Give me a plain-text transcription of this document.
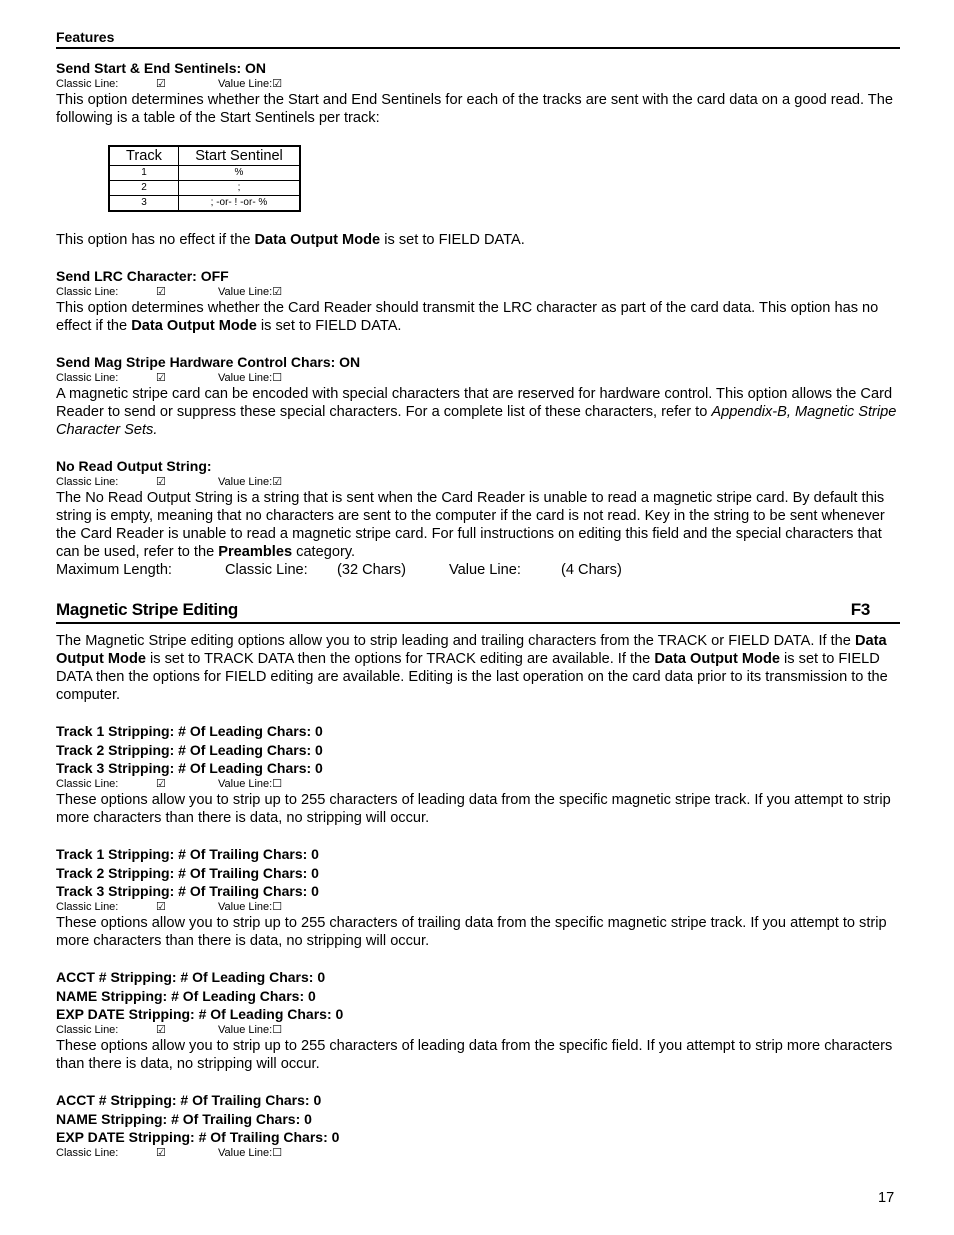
Features
Send Start & End Sentinels: ON
Classic Line:	☑	Value Line:☑
This option determines whether the Start and End Sentinels for each of the tracks are sent with the card data on a good read. The following is a table of the Start Sentinels per track:
Track	Start Sentinel
1	%
2	;
3	; -or- ! -or- %
This option has no effect if the Data Output Mode is set to FIELD DATA.
Send LRC Character: OFF
Classic Line:	☑	Value Line:☑
This option determines whether the Card Reader should transmit the LRC character as part of the card data. This option has no effect if the Data Output Mode is set to FIELD DATA.
Send Mag Stripe Hardware Control Chars: ON
Classic Line:	☑	Value Line:☐
A magnetic stripe card can be encoded with special characters that are reserved for hardware control. This option allows the Card Reader to send or suppress these special characters. For a complete list of these characters, refer to Appendix-B, Magnetic Stripe Character Sets.
No Read Output String:
Classic Line:	☑	Value Line:☑
The No Read Output String is a string that is sent when the Card Reader is unable to read a magnetic stripe card. By default this string is empty, meaning that no characters are sent to the computer if the card is not read. Key in the string to be sent whenever the Card Reader is unable to read a magnetic stripe card. For full instructions on editing this field and the special characters that can be used, refer to the Preambles category.
Maximum Length:	Classic Line: (32 Chars)	Value Line:	(4 Chars)
Magnetic Stripe Editing	F3
The Magnetic Stripe editing options allow you to strip leading and trailing characters from the TRACK or FIELD DATA. If the Data Output Mode is set to TRACK DATA then the options for TRACK editing are available. If the Data Output Mode is set to FIELD DATA then the options for FIELD editing are available. Editing is the last operation on the card data prior to its transmission to the computer.
Track 1 Stripping: # Of Leading Chars: 0
Track 2 Stripping: # Of Leading Chars: 0
Track 3 Stripping: # Of Leading Chars: 0
Classic Line:	☑	Value Line:☐
These options allow you to strip up to 255 characters of leading data from the specific magnetic stripe track. If you attempt to strip more characters than there is data, no stripping will occur.
Track 1 Stripping: # Of Trailing Chars: 0
Track 2 Stripping: # Of Trailing Chars: 0
Track 3 Stripping: # Of Trailing Chars: 0
Classic Line:	☑	Value Line:☐
These options allow you to strip up to 255 characters of trailing data from the specific magnetic stripe track. If you attempt to strip more characters than there is data, no stripping will occur.
ACCT # Stripping: # Of Leading Chars: 0
NAME Stripping: # Of Leading Chars: 0
EXP DATE Stripping: # Of Leading Chars: 0
Classic Line:	☑	Value Line:☐
These options allow you to strip up to 255 characters of leading data from the specific field. If you attempt to strip more characters than there is data, no stripping will occur.
ACCT # Stripping: # Of Trailing Chars: 0
NAME Stripping: # Of Trailing Chars: 0
EXP DATE Stripping: # Of Trailing Chars: 0
Classic Line:	☑	Value Line:☐
17
